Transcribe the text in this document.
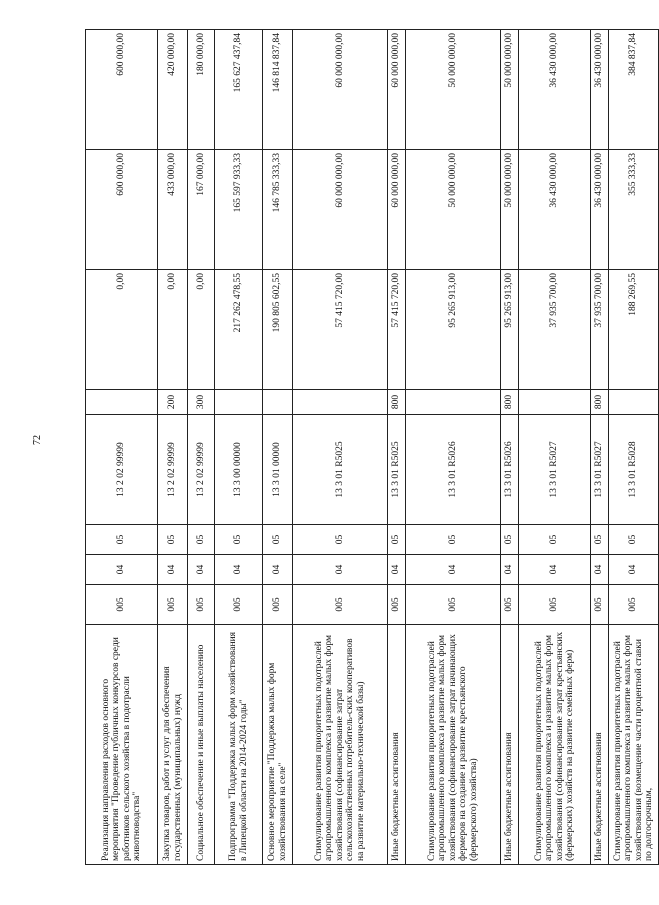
72
Реализация направления расходов основного мероприятия "Проведение публичных конкурсов среди работников сельского хозяйства в подотрасли животноводства"	005	04	05	13 2 02 99999		0,00	600 000,00	600 000,00
Закупка товаров, работ и услуг для обеспечения государственных (муниципальных) нужд	005	04	05	13 2 02 99999	200	0,00	433 000,00	420 000,00
Социальное обеспечение и иные выплаты населению	005	04	05	13 2 02 99999	300	0,00	167 000,00	180 000,00
Подпрограмма "Поддержка малых форм хозяйствования в Липецкой области на 2014-2024 годы"	005	04	05	13 3 00 00000		217 262 478,55	165 597 933,33	165 627 437,84
Основное мероприятие "Поддержка малых форм хозяйствования на селе"	005	04	05	13 3 01 00000		190 805 602,55	146 785 333,33	146 814 837,84
Стимулирование развития приоритетных подотраслей агропромышленного комплекса и развитие малых форм хозяйствования (софинансирование затрат сельскохозяйственных потребитель-ских кооперативов на развитие материально-технической базы)	005	04	05	13 3 01 R5025		57 415 720,00	60 000 000,00	60 000 000,00
Иные бюджетные ассигнования	005	04	05	13 3 01 R5025	800	57 415 720,00	60 000 000,00	60 000 000,00
Стимулирование развития приоритетных подотраслей агропромышленного комплекса и развитие малых форм хозяйствования (софинансирование затрат начинающих фермеров на создание и развитие крестьянского (фермерского) хозяйства)	005	04	05	13 3 01 R5026		95 265 913,00	50 000 000,00	50 000 000,00
Иные бюджетные ассигнования	005	04	05	13 3 01 R5026	800	95 265 913,00	50 000 000,00	50 000 000,00
Стимулирование развития приоритетных подотраслей агропромышленного комплекса и развитие малых форм хозяйствования (софинансирование затрат крестьянских (фермерских) хозяйств на развитие семейных ферм)	005	04	05	13 3 01 R5027		37 935 700,00	36 430 000,00	36 430 000,00
Иные бюджетные ассигнования	005	04	05	13 3 01 R5027	800	37 935 700,00	36 430 000,00	36 430 000,00
Стимулирование развития приоритетных подотраслей агропромышленного комплекса и развитие малых форм хозяйствования (возмещение части процентной ставки по долгосрочным,	005	04	05	13 3 01 R5028		188 269,55	355 333,33	384 837,84
